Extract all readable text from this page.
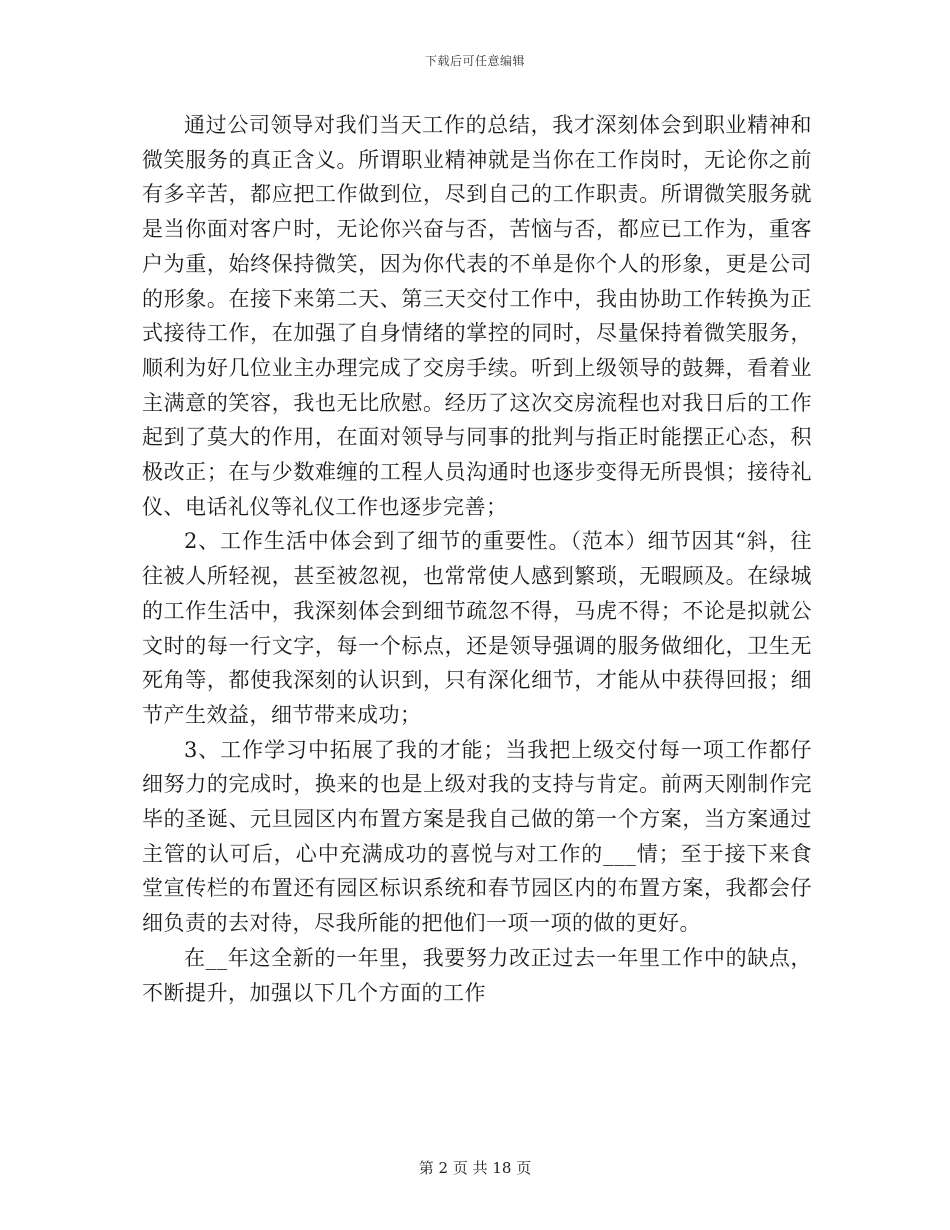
下载后可任意编辑

通过公司领导对我们当天工作的总结，我才深刻体会到职业精神和微笑服务的真正含义。所谓职业精神就是当你在工作岗时，无论你之前有多辛苦，都应把工作做到位，尽到自己的工作职责。所谓微笑服务就是当你面对客户时，无论你兴奋与否，苦恼与否，都应已工作为，重客户为重，始终保持微笑，因为你代表的不单是你个人的形象，更是公司的形象。在接下来第二天、第三天交付工作中，我由协助工作转换为正式接待工作，在加强了自身情绪的掌控的同时，尽量保持着微笑服务，顺利为好几位业主办理完成了交房手续。听到上级领导的鼓舞，看着业主满意的笑容，我也无比欣慰。经历了这次交房流程也对我日后的工作起到了莫大的作用，在面对领导与同事的批判与指正时能摆正心态，积极改正；在与少数难缠的工程人员沟通时也逐步变得无所畏惧；接待礼仪、电话礼仪等礼仪工作也逐步完善；

2、工作生活中体会到了细节的重要性。（范本）细节因其“斜，往往被人所轻视，甚至被忽视，也常常使人感到繁琐，无暇顾及。在绿城的工作生活中，我深刻体会到细节疏忽不得，马虎不得；不论是拟就公文时的每一行文字，每一个标点，还是领导强调的服务做细化，卫生无死角等，都使我深刻的认识到，只有深化细节，才能从中获得回报；细节产生效益，细节带来成功；

3、工作学习中拓展了我的才能；当我把上级交付每一项工作都仔细努力的完成时，换来的也是上级对我的支持与肯定。前两天刚制作完毕的圣诞、元旦园区内布置方案是我自己做的第一个方案，当方案通过主管的认可后，心中充满成功的喜悦与对工作的___情；至于接下来食堂宣传栏的布置还有园区标识系统和春节园区内的布置方案，我都会仔细负责的去对待，尽我所能的把他们一项一项的做的更好。

在__年这全新的一年里，我要努力改正过去一年里工作中的缺点，不断提升，加强以下几个方面的工作

第 2 页 共 18 页
